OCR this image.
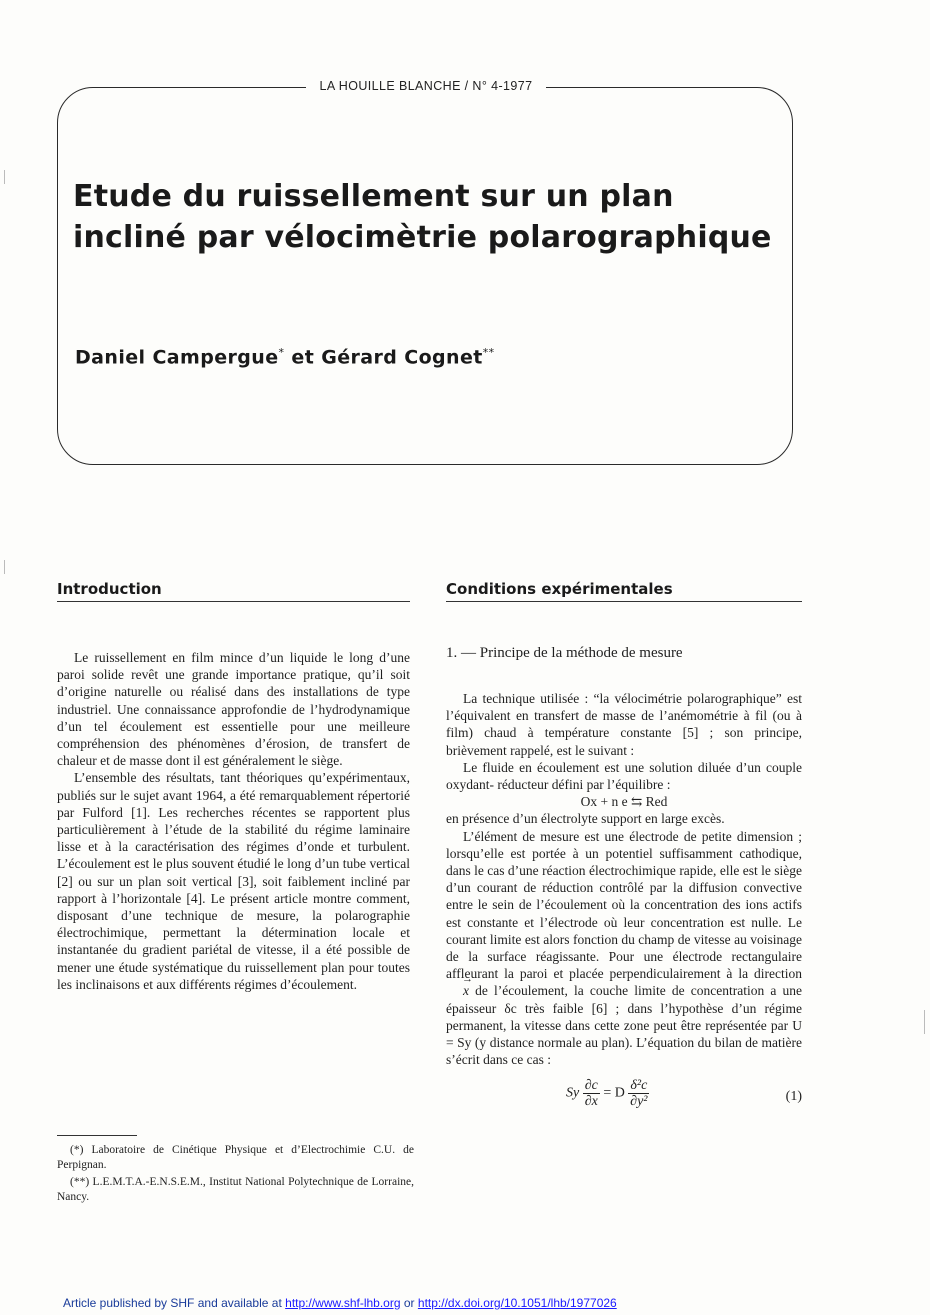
LA HOUILLE BLANCHE / N° 4-1977
Etude du ruissellement sur un plan incliné par vélocimètrie polarographique
Daniel Campergue* et Gérard Cognet**
Introduction	Conditions expérimentales

Le ruissellement en film mince d’un liquide le long d’une paroi solide revêt une grande importance pratique, qu’il soit d’origine naturelle ou réalisé dans des installations de type industriel. Une connaissance approfondie de l’hydrodynamique d’un tel écoulement est essentielle pour une meilleure compréhension des phénomènes d’érosion, de transfert de chaleur et de masse dont il est généralement le siège.

L’ensemble des résultats, tant théoriques qu’expérimentaux, publiés sur le sujet avant 1964, a été remarquablement répertorié par Fulford [1]. Les recherches récentes se rapportent plus particulièrement à l’étude de la stabilité du régime laminaire lisse et à la caractérisation des régimes d’onde et turbulent. L’écoulement est le plus souvent étudié le long d’un tube vertical [2] ou sur un plan soit vertical [3], soit faiblement incliné par rapport à l’horizontale [4]. Le présent article montre comment, disposant d’une technique de mesure, la polarographie électrochimique, permettant la détermination locale et instantanée du gradient pariétal de vitesse, il a été possible de mener une étude systématique du ruissellement plan pour toutes les inclinaisons et aux différents régimes d’écoulement.

1. — Principe de la méthode de mesure

La technique utilisée : “la vélocimétrie polarographique” est l’équivalent en transfert de masse de l’anémométrie à fil (ou à film) chaud à température constante [5] ; son principe, brièvement rappelé, est le suivant :

Le fluide en écoulement est une solution diluée d’un couple oxydant- réducteur défini par l’équilibre :

Ox + n e ⇆ Red

en présence d’un électrolyte support en large excès.

L’élément de mesure est une électrode de petite dimension ; lorsqu’elle est portée à un potentiel suffisamment cathodique, dans le cas d’une réaction électrochimique rapide, elle est le siège d’un courant de réduction contrôlé par la diffusion convective entre le sein de l’écoulement où la concentration des ions actifs est constante et l’électrode où leur concentration est nulle. Le courant limite est alors fonction du champ de vitesse au voisinage de la surface réagissante. Pour une électrode rectangulaire affleurant la paroi et placée perpendiculairement à la direction → x de l’écoulement, la couche limite de concentration a une épaisseur δc très faible [6] ; dans l’hypothèse d’un régime permanent, la vitesse dans cette zone peut être représentée par U = Sy (y distance normale au plan). L’équation du bilan de matière s’écrit dans ce cas :

Sy $\frac{\partial c}{\partial x} = D \frac{\text{δ²c}}{\text{∂y²}}$	(1)

(*) Laboratoire de Cinétique Physique et d’Electrochimie C.U. de Perpignan.

(**) L.E.M.T.A.-E.N.S.E.M., Institut National Polytechnique de Lorraine, Nancy.

Article published by SHF and available at http://www.shf-lhb.org or http://dx.doi.org/10.1051/lhb/1977026
